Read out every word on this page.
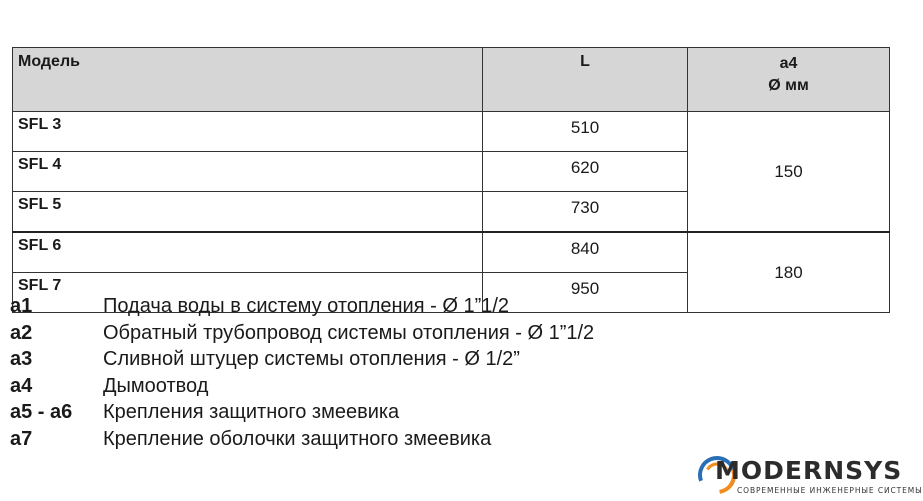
Модель	L	a4
Ø мм

SFL 3	510	150
SFL 4	620	
SFL 5	730	
SFL 6	840	180
SFL 7	950	
a1	Подача воды в систему отопления - Ø 1”1/2
a2	Обратный трубопровод системы отопления - Ø 1”1/2
a3	Сливной штуцер системы отопления - Ø 1/2”
a4	Дымоотвод
a5 - a6	Крепления защитного змеевика
a7	Крепление оболочки защитного змеевика
MODERNSYS
СОВРЕМЕННЫЕ ИНЖЕНЕРНЫЕ СИСТЕМЫ
